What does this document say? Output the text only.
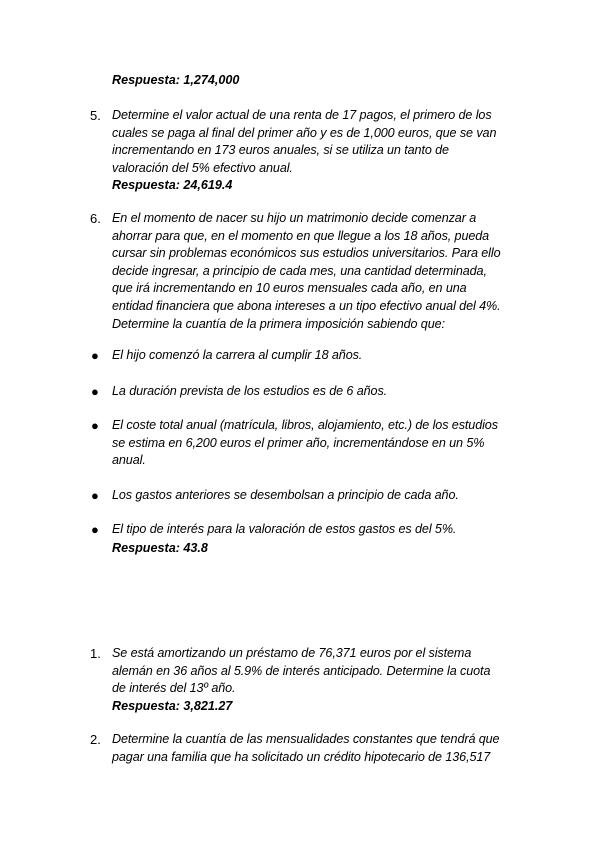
Respuesta: 1,274,000
5. Determine el valor actual de una renta de 17 pagos, el primero de los
cuales se paga al final del primer año y es de 1,000 euros, que se van
incrementando en 173 euros anuales, si se utiliza un tanto de
valoración del 5% efectivo anual.
Respuesta: 24,619.4
6. En el momento de nacer su hijo un matrimonio decide comenzar a
ahorrar para que, en el momento en que llegue a los 18 años, pueda
cursar sin problemas económicos sus estudios universitarios. Para ello
decide ingresar, a principio de cada mes, una cantidad determinada,
que irá incrementando en 10 euros mensuales cada año, en una
entidad financiera que abona intereses a un tipo efectivo anual del 4%.
Determine la cuantía de la primera imposición sabiendo que:
● El hijo comenzó la carrera al cumplir 18 años.
● La duración prevista de los estudios es de 6 años.
● El coste total anual (matrícula, libros, alojamiento, etc.) de los estudios
se estima en 6,200 euros el primer año, incrementándose en un 5%
anual.
● Los gastos anteriores se desembolsan a principio de cada año.
● El tipo de interés para la valoración de estos gastos es del 5%.
Respuesta: 43.8
1. Se está amortizando un préstamo de 76,371 euros por el sistema
alemán en 36 años al 5.9% de interés anticipado. Determine la cuota
de interés del 13º año.
Respuesta: 3,821.27
2. Determine la cuantía de las mensualidades constantes que tendrá que
pagar una familia que ha solicitado un crédito hipotecario de 136,517
